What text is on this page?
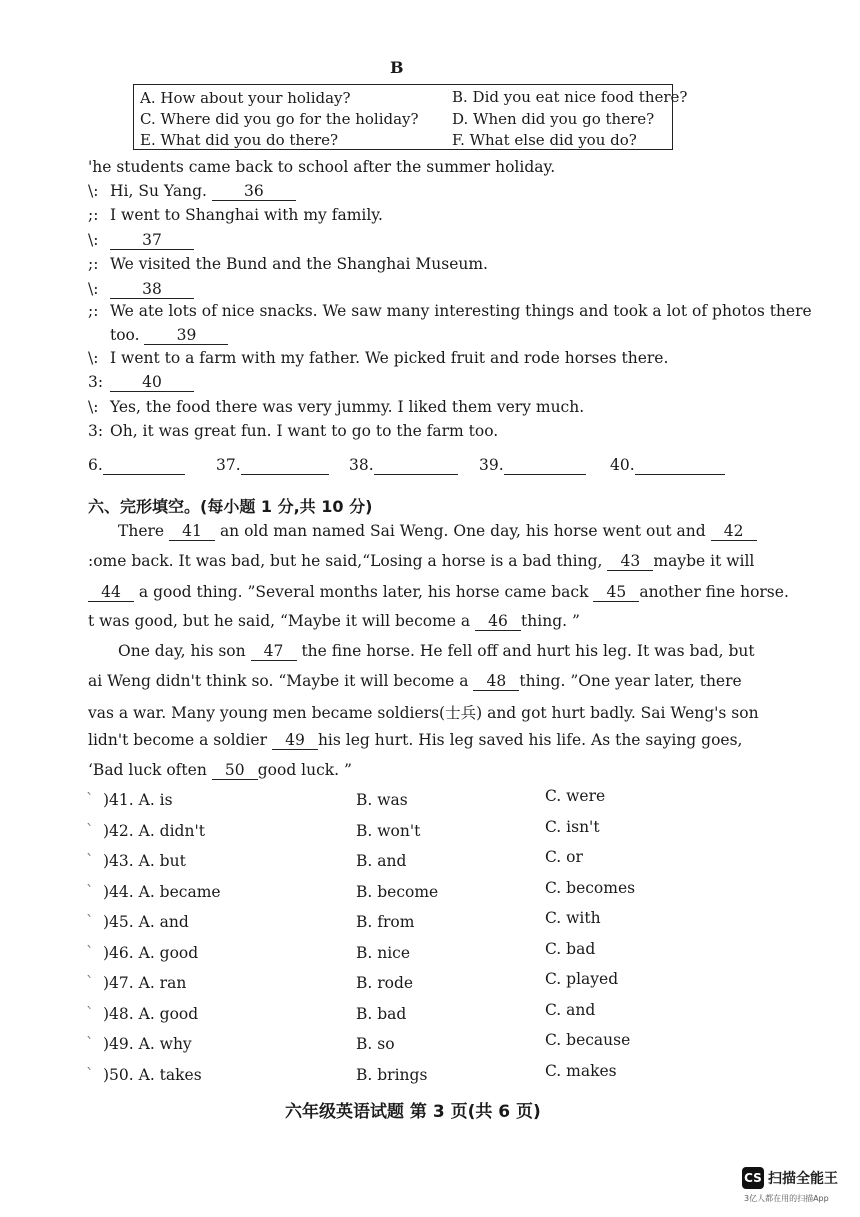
B
A. How about your holiday?	B. Did you eat nice food there?
C. Where did you go for the holiday? D. When did you go there?
E. What did you do there?	F. What else did you do?
'he students came back to school after the summer holiday.
\: Hi, Su Yang. 36
;: I went to Shanghai with my family.
\:	37
;: We visited the Bund and the Shanghai Museum.
\:	38
;: We ate lots of nice snacks. We saw many interesting things and took a lot of photos there
too. 39
\: I went to a farm with my father. We picked fruit and rode horses there.
3:	40
\: Yes, the food there was very jummy. I liked them very much.
3: Oh, it was great fun. I want to go to the farm too.
6.	37.	38.	39.	40.
六、完形填空。(每小题 1 分,共 10 分)
There 41 an old man named Sai Weng. One day, his horse went out and 42
:ome back. It was bad, but he said,“Losing a horse is a bad thing, 43 maybe it will
44 a good thing. ”Several months later, his horse came back 45 another fine horse.
t was good, but he said, “Maybe it will become a 46 thing. ”
One day, his son 47 the fine horse. He fell off and hurt his leg. It was bad, but
ai Weng didn't think so. “Maybe it will become a 48 thing. ”One year later, there
vas a war. Many young men became soldiers(士兵) and got hurt badly. Sai Weng's son
lidn't become a soldier 49 his leg hurt. His leg saved his life. As the saying goes,
‘Bad luck often 50 good luck. ”
)41. A. is	B. was	C. were
ˋ
)42. A. didn't	B. won't	C. isn't
ˋ
)43. A. but	B. and	C. or
ˋ
)44. A. became	B. become	C. becomes
ˋ
)45. A. and	B. from	C. with
ˋ
)46. A. good	B. nice	C. bad
ˋ
)47. A. ran	B. rode	C. played
ˋ
)48. A. good	B. bad	C. and
ˋ
)49. A. why	B. so	C. because
ˋ
)50. A. takes	B. brings	C. makes
ˋ
六年级英语试题 第 3 页(共 6 页)
CS 扫描全能王
3亿人都在用的扫描App
